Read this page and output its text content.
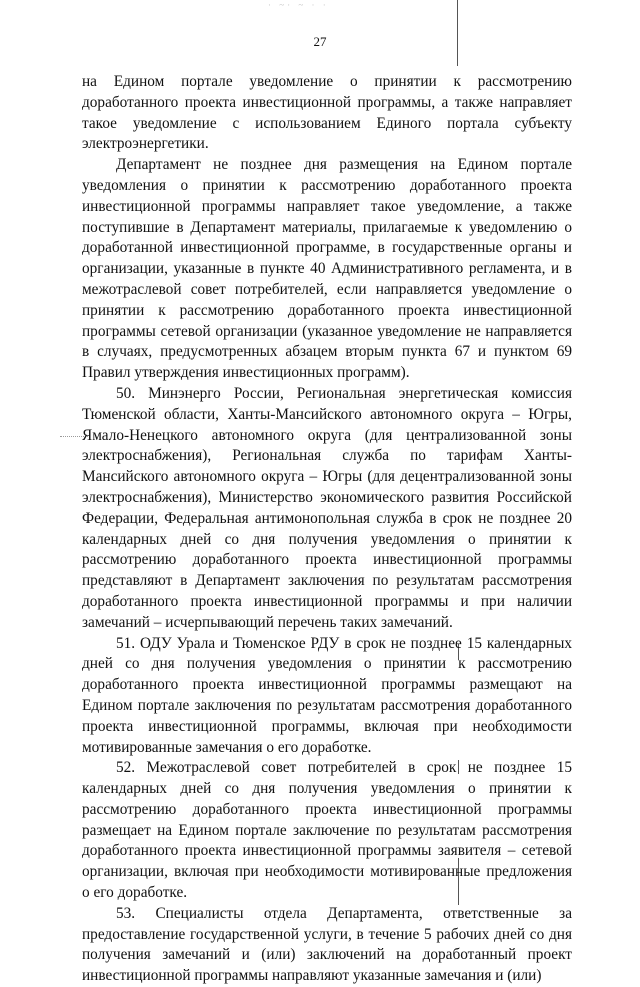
· ~· ~ · ·
27

на Едином портале уведомление о принятии к рассмотрению доработанного проекта инвестиционной программы, а также направляет такое уведомление с использованием Единого портала субъекту электроэнергетики.

Департамент не позднее дня размещения на Едином портале уведомления о принятии к рассмотрению доработанного проекта инвестиционной программы направляет такое уведомление, а также поступившие в Департамент материалы, прилагаемые к уведомлению о доработанной инвестиционной программе, в государственные органы и организации, указанные в пункте 40 Административного регламента, и в межотраслевой совет потребителей, если направляется уведомление о принятии к рассмотрению доработанного проекта инвестиционной программы сетевой организации (указанное уведомление не направляется в случаях, предусмотренных абзацем вторым пункта 67 и пунктом 69 Правил утверждения инвестиционных программ).

50. Минэнерго России, Региональная энергетическая комиссия Тюменской области, Ханты-Мансийского автономного округа – Югры, Ямало-Ненецкого автономного округа (для централизованной зоны электроснабжения), Региональная служба по тарифам Ханты-Мансийского автономного округа – Югры (для децентрализованной зоны электроснабжения), Министерство экономического развития Российской Федерации, Федеральная антимонопольная служба в срок не позднее 20 календарных дней со дня получения уведомления о принятии к рассмотрению доработанного проекта инвестиционной программы представляют в Департамент заключения по результатам рассмотрения доработанного проекта инвестиционной программы и при наличии замечаний – исчерпывающий перечень таких замечаний.

51. ОДУ Урала и Тюменское РДУ в срок не позднее 15 календарных дней со дня получения уведомления о принятии к рассмотрению доработанного проекта инвестиционной программы размещают на Едином портале заключения по результатам рассмотрения доработанного проекта инвестиционной программы, включая при необходимости мотивированные замечания о его доработке.

52. Межотраслевой совет потребителей в срок не позднее 15 календарных дней со дня получения уведомления о принятии к рассмотрению доработанного проекта инвестиционной программы размещает на Едином портале заключение по результатам рассмотрения доработанного проекта инвестиционной программы заявителя – сетевой организации, включая при необходимости мотивированные предложения о его доработке.

53. Специалисты отдела Департамента, ответственные за предоставление государственной услуги, в течение 5 рабочих дней со дня получения замечаний и (или) заключений на доработанный проект инвестиционной программы направляют указанные замечания и (или)
